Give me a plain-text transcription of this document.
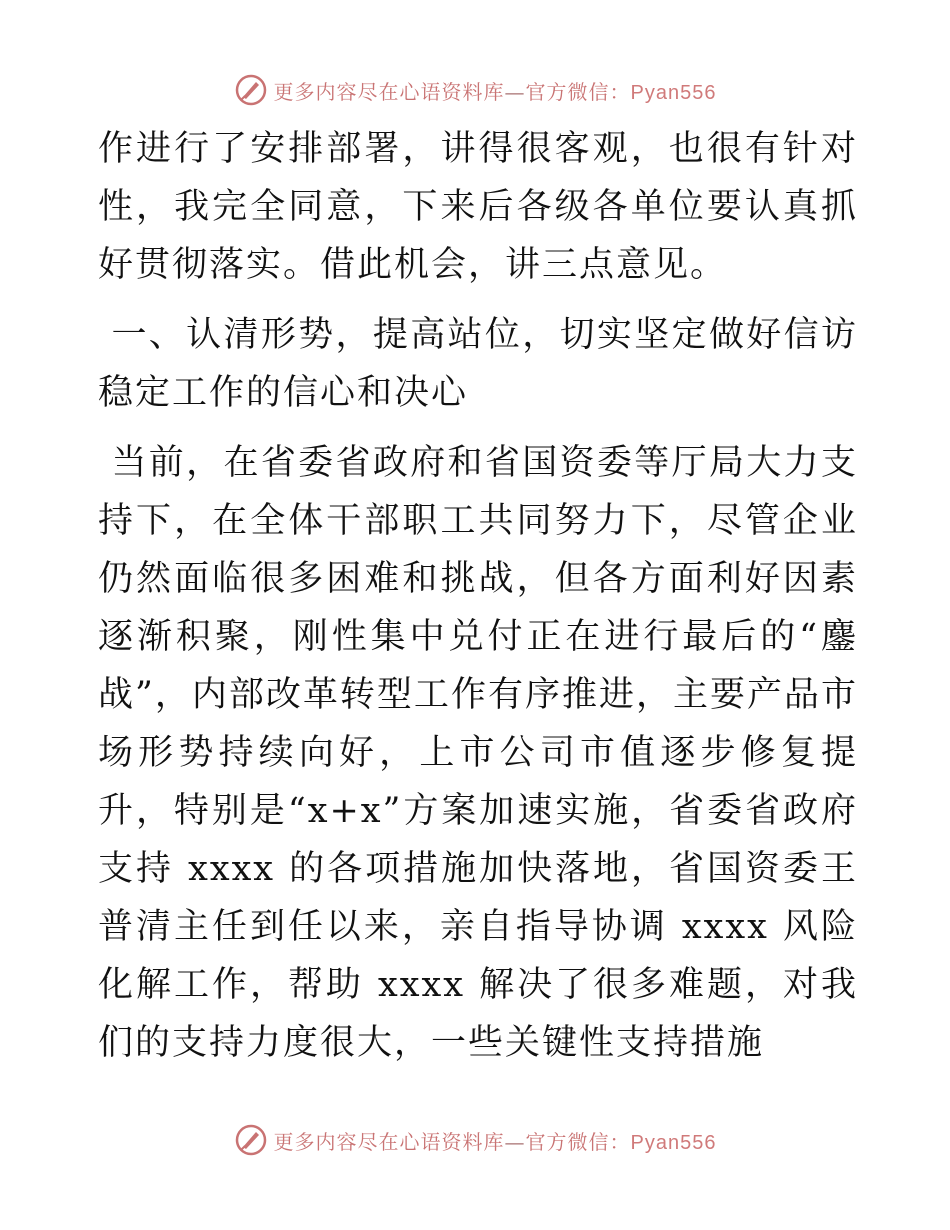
更多内容尽在心语资料库—官方微信：Pyan556

作进行了安排部署，讲得很客观，也很有针对性，我完全同意，下来后各级各单位要认真抓好贯彻落实。借此机会，讲三点意见。

一、认清形势，提高站位，切实坚定做好信访稳定工作的信心和决心

当前，在省委省政府和省国资委等厅局大力支持下，在全体干部职工共同努力下，尽管企业仍然面临很多困难和挑战，但各方面利好因素逐渐积聚，刚性集中兑付正在进行最后的“鏖战”，内部改革转型工作有序推进，主要产品市场形势持续向好，上市公司市值逐步修复提升，特别是“x+x”方案加速实施，省委省政府支持 xxxx 的各项措施加快落地，省国资委王普清主任到任以来，亲自指导协调 xxxx 风险化解工作，帮助 xxxx 解决了很多难题，对我们的支持力度很大，一些关键性支持措施

更多内容尽在心语资料库—官方微信：Pyan556
